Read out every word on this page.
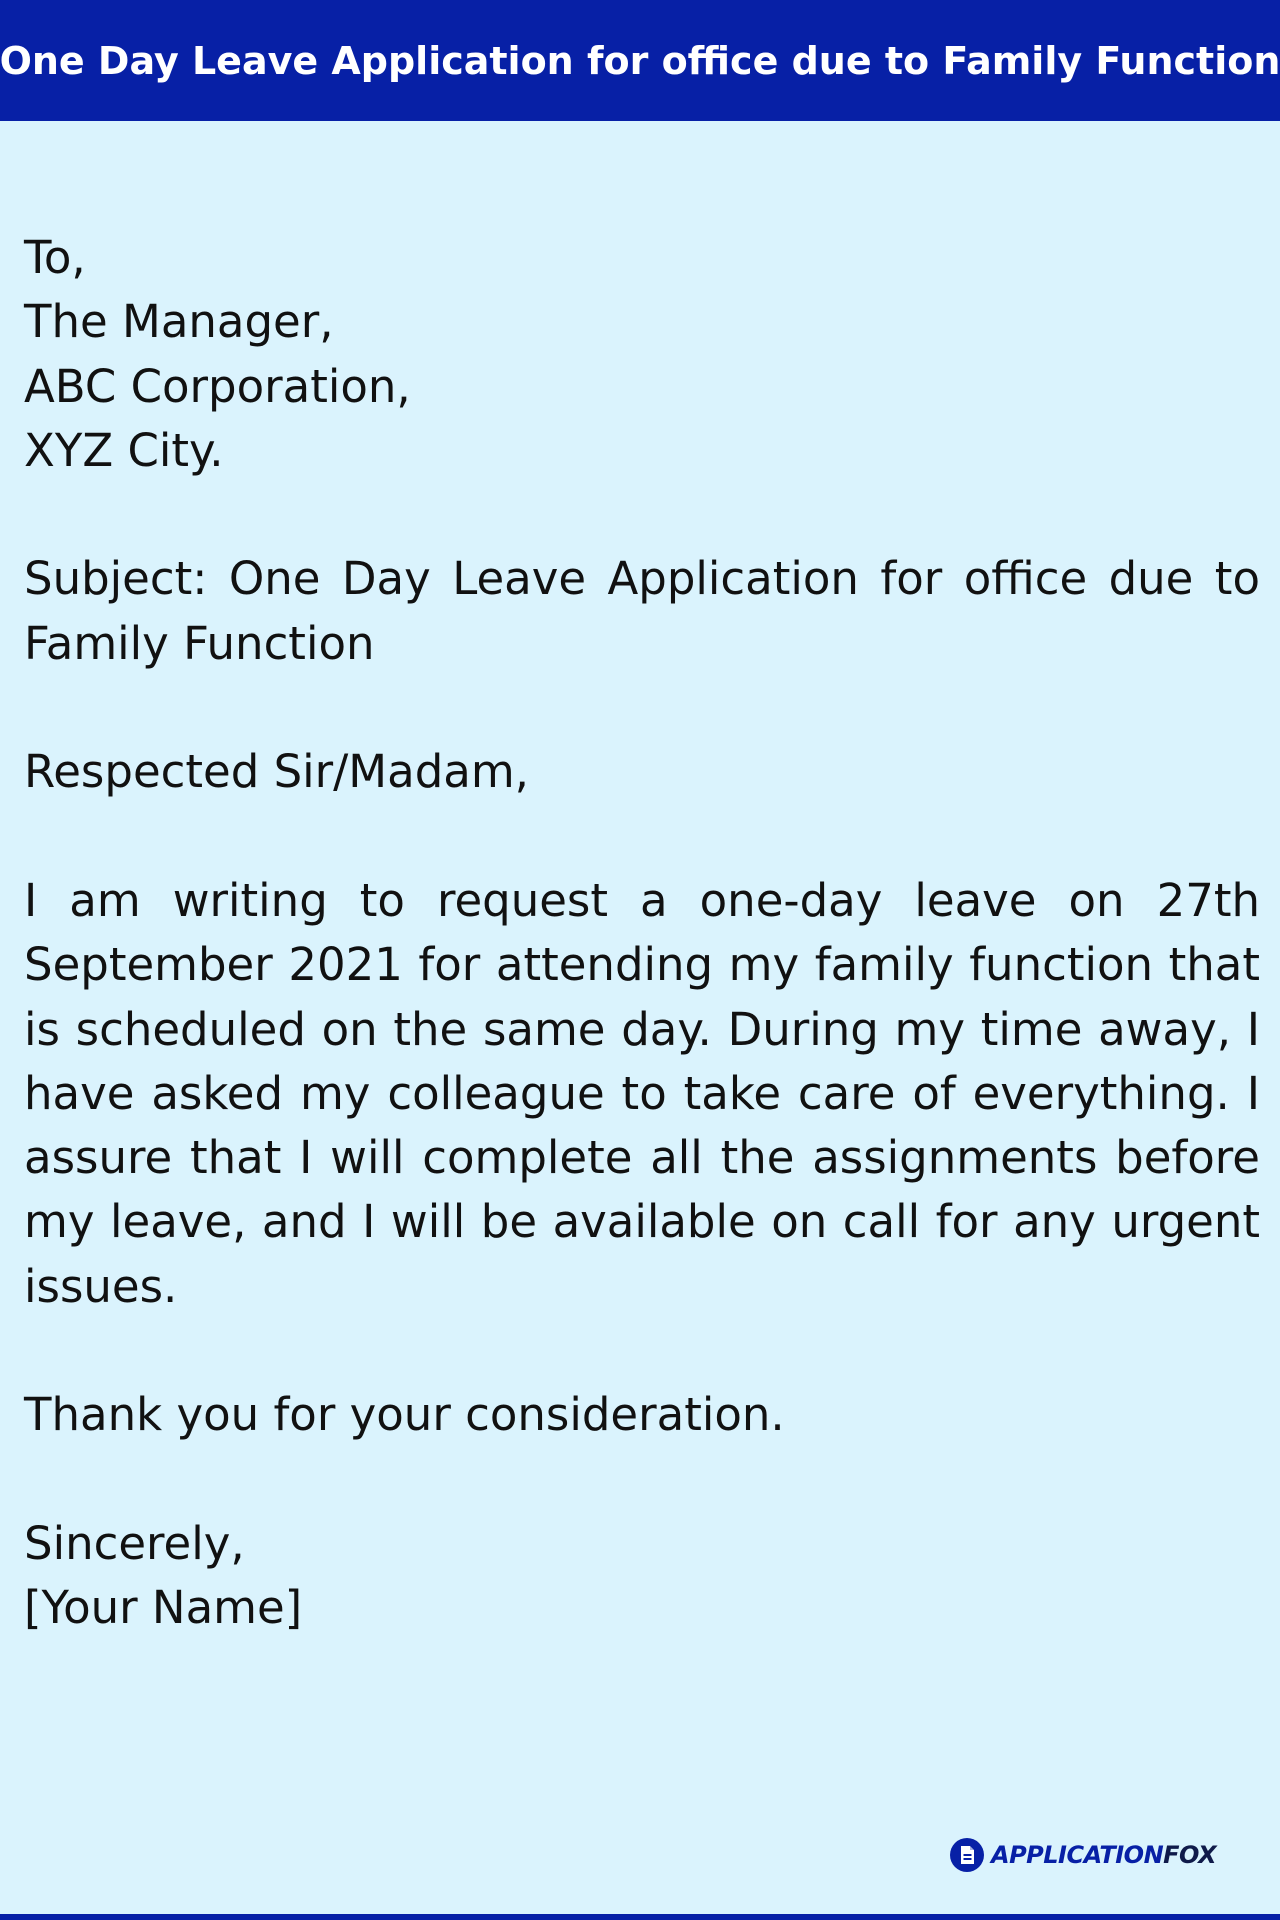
One Day Leave Application for office due to Family Function

To,

The Manager,

ABC Corporation,

XYZ City.

Subject: One Day Leave Application for office due to Family Function

Respected Sir/Madam,

I am writing to request a one-day leave on 27th September 2021 for attending my family function that is scheduled on the same day. During my time away, I have asked my colleague to take care of everything. I assure that I will complete all the assignments before my leave, and I will be available on call for any urgent issues.

Thank you for your consideration.

Sincerely,

[Your Name]

APPLICATIONFOX
